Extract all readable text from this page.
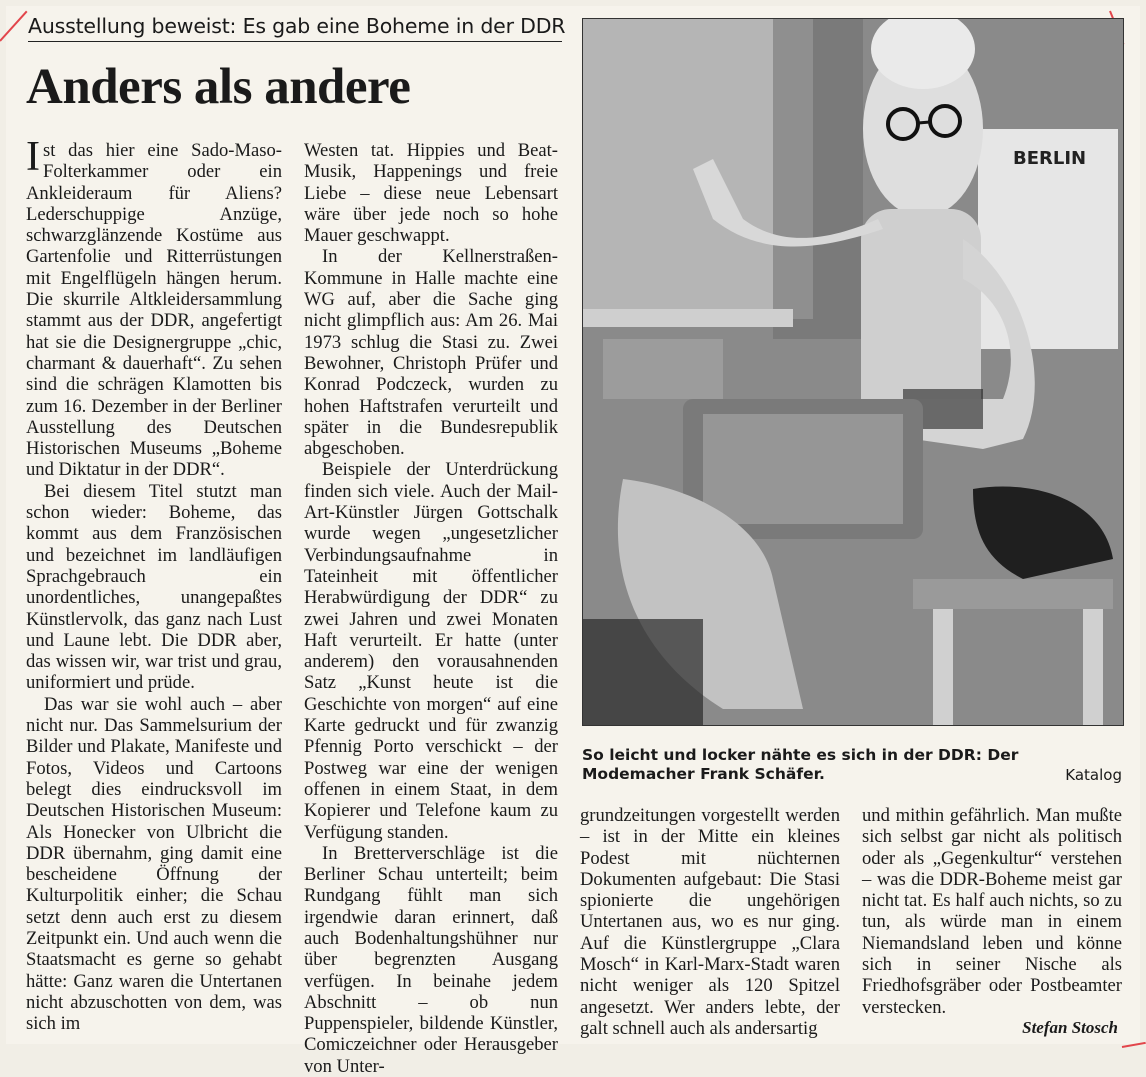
Ausstellung beweist: Es gab eine Boheme in der DDR
Anders als andere

Ist das hier eine Sado-Maso-Folterkammer oder ein Ankleideraum für Aliens? Lederschuppige Anzüge, schwarzglänzende Kostüme aus Gartenfolie und Ritterrüstungen mit Engelflügeln hängen herum. Die skurrile Altkleidersammlung stammt aus der DDR, angefertigt hat sie die Designergruppe „chic, charmant & dauerhaft“. Zu sehen sind die schrägen Klamotten bis zum 16. Dezember in der Berliner Ausstellung des Deutschen Historischen Museums „Boheme und Diktatur in der DDR“.

Bei diesem Titel stutzt man schon wieder: Boheme, das kommt aus dem Französischen und bezeichnet im landläufigen Sprachgebrauch ein unordentliches, unangepaßtes Künstlervolk, das ganz nach Lust und Laune lebt. Die DDR aber, das wissen wir, war trist und grau, uniformiert und prüde.

Das war sie wohl auch – aber nicht nur. Das Sammelsurium der Bilder und Plakate, Manifeste und Fotos, Videos und Cartoons belegt dies eindrucksvoll im Deutschen Historischen Museum: Als Honecker von Ulbricht die DDR übernahm, ging damit eine bescheidene Öffnung der Kulturpolitik einher; die Schau setzt denn auch erst zu diesem Zeitpunkt ein. Und auch wenn die Staatsmacht es gerne so gehabt hätte: Ganz waren die Untertanen nicht abzuschotten von dem, was sich im

Westen tat. Hippies und Beat-Musik, Happenings und freie Liebe – diese neue Lebensart wäre über jede noch so hohe Mauer geschwappt.

In der Kellnerstraßen-Kommune in Halle machte eine WG auf, aber die Sache ging nicht glimpflich aus: Am 26. Mai 1973 schlug die Stasi zu. Zwei Bewohner, Christoph Prüfer und Konrad Podczeck, wurden zu hohen Haftstrafen verurteilt und später in die Bundesrepublik abgeschoben.

Beispiele der Unterdrückung finden sich viele. Auch der Mail-Art-Künstler Jürgen Gottschalk wurde wegen „ungesetzlicher Verbindungsaufnahme in Tateinheit mit öffentlicher Herabwürdigung der DDR“ zu zwei Jahren und zwei Monaten Haft verurteilt. Er hatte (unter anderem) den vorausahnenden Satz „Kunst heute ist die Geschichte von morgen“ auf eine Karte gedruckt und für zwanzig Pfennig Porto verschickt – der Postweg war eine der wenigen offenen in einem Staat, in dem Kopierer und Telefone kaum zu Verfügung standen.

In Bretterverschläge ist die Berliner Schau unterteilt; beim Rundgang fühlt man sich irgendwie daran erinnert, daß auch Bodenhaltungshühner nur über begrenzten Ausgang verfügen. In beinahe jedem Abschnitt – ob nun Puppenspieler, bildende Künstler, Comiczeichner oder Herausgeber von Unter-

BERLIN
So leicht und locker nähte es sich in der DDR: Der Modemacher Frank Schäfer.	Katalog

grundzeitungen vorgestellt werden – ist in der Mitte ein kleines Podest mit nüchternen Dokumenten aufgebaut: Die Stasi spionierte die ungehörigen Untertanen aus, wo es nur ging. Auf die Künstlergruppe „Clara Mosch“ in Karl-Marx-Stadt waren nicht weniger als 120 Spitzel angesetzt. Wer anders lebte, der galt schnell auch als andersartig

und mithin gefährlich. Man mußte sich selbst gar nicht als politisch oder als „Gegenkultur“ verstehen – was die DDR-Boheme meist gar nicht tat. Es half auch nichts, so zu tun, als würde man in einem Niemandsland leben und könne sich in seiner Nische als Friedhofsgräber oder Postbeamter verstecken.

Stefan Stosch
